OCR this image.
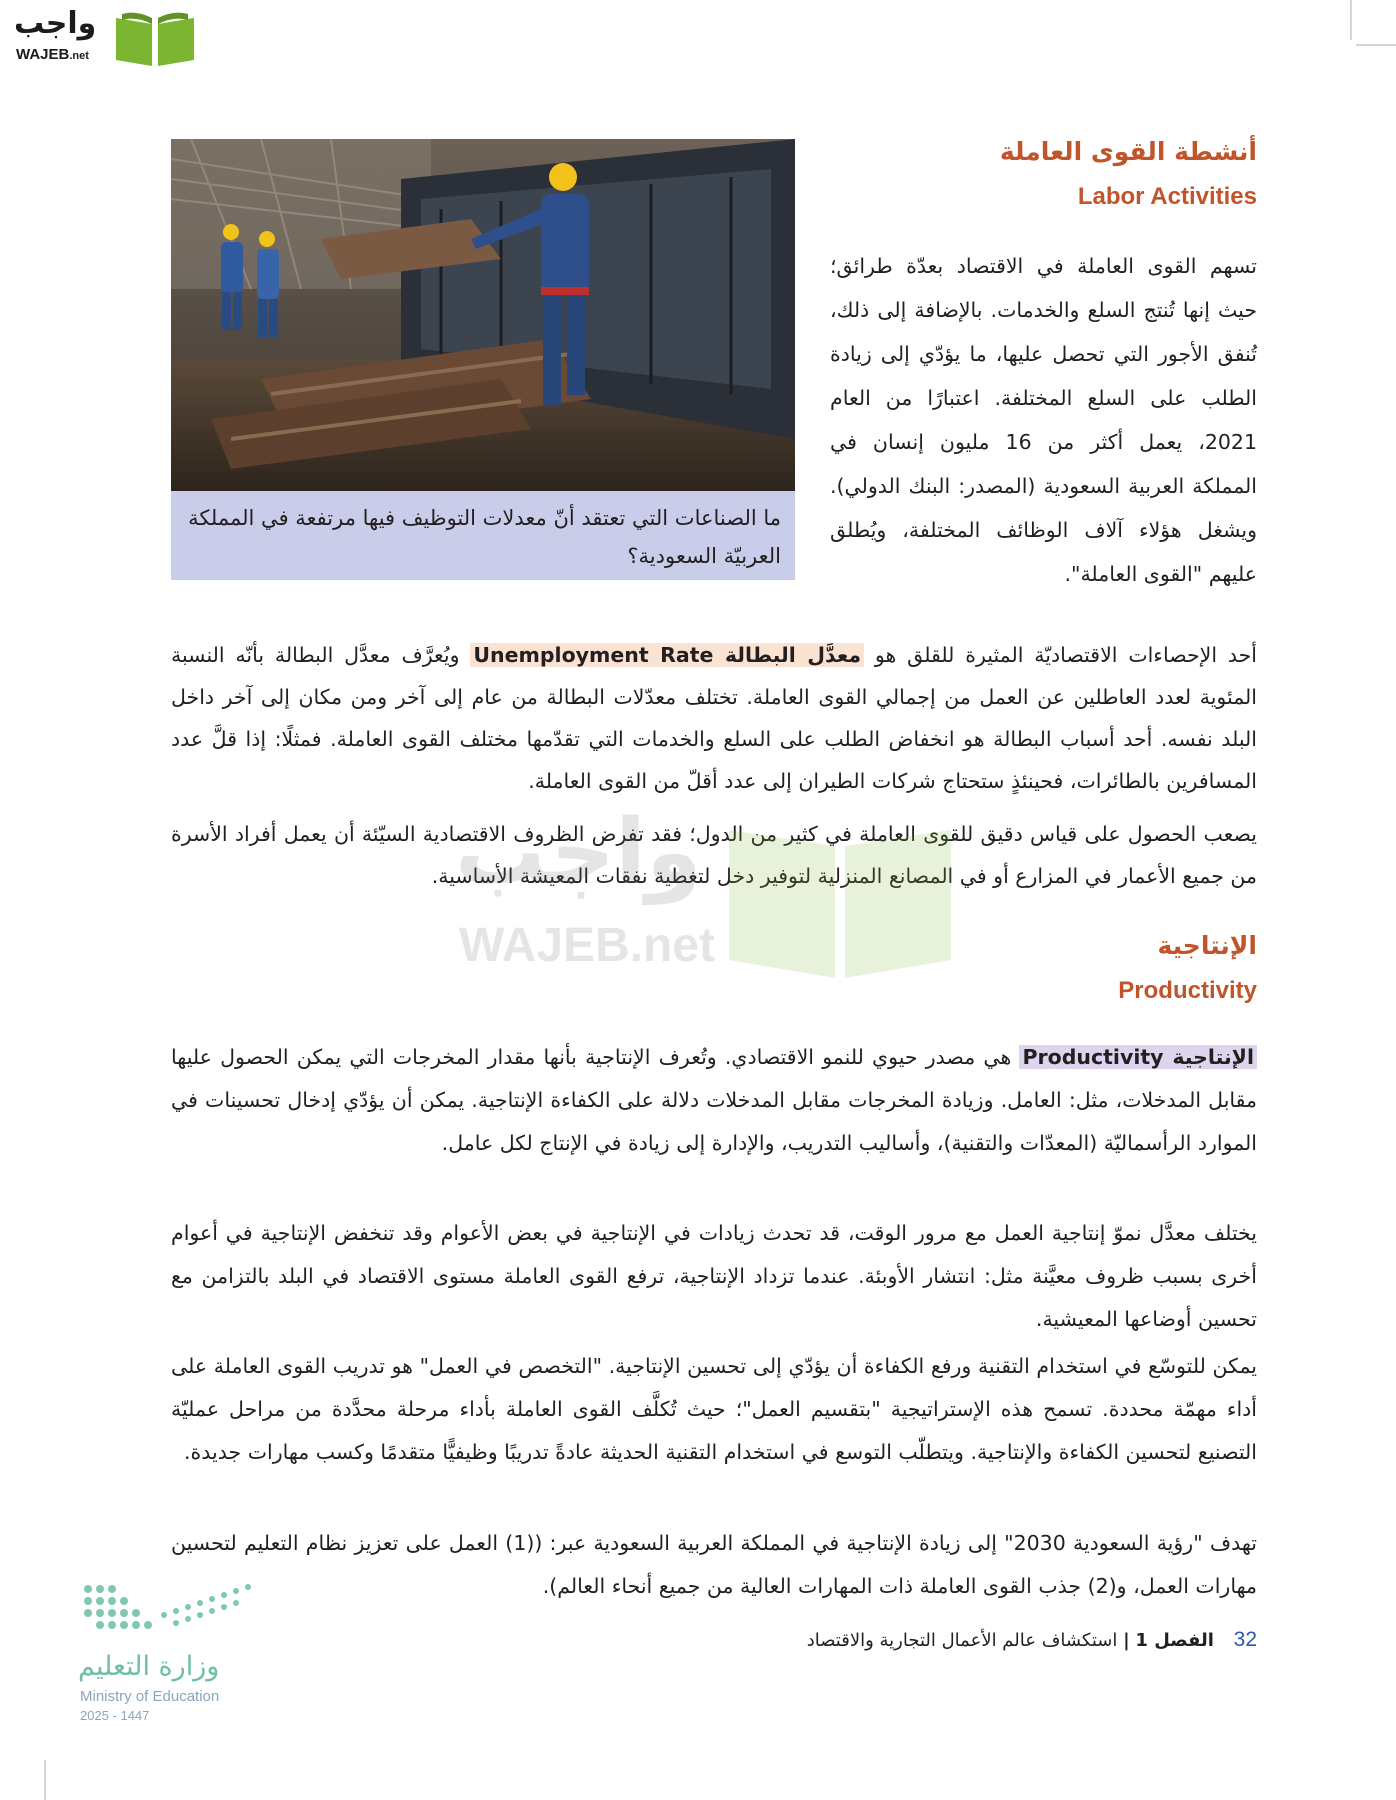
واجب
WAJEB.net
ما الصناعات التي تعتقد أنّ معدلات التوظيف فيها مرتفعة في المملكة العربيّة السعودية؟
أنشطة القوى العاملة
Labor Activities
تسهم القوى العاملة في الاقتصاد بعدّة طرائق؛ حيث إنها تُنتج السلع والخدمات. بالإضافة إلى ذلك، تُنفق الأجور التي تحصل عليها، ما يؤدّي إلى زيادة الطلب على السلع المختلفة. اعتبارًا من العام 2021، يعمل أكثر من 16 مليون إنسان في المملكة العربية السعودية (المصدر: البنك الدولي). ويشغل هؤلاء آلاف الوظائف المختلفة، ويُطلق عليهم "القوى العاملة".
أحد الإحصاءات الاقتصاديّة المثيرة للقلق هو معدَّل البطالة Unemployment Rate ويُعرَّف معدَّل البطالة بأنّه النسبة المئوية لعدد العاطلين عن العمل من إجمالي القوى العاملة. تختلف معدّلات البطالة من عام إلى آخر ومن مكان إلى آخر داخل البلد نفسه. أحد أسباب البطالة هو انخفاض الطلب على السلع والخدمات التي تقدّمها مختلف القوى العاملة. فمثلًا: إذا قلَّ عدد المسافرين بالطائرات، فحينئذٍ ستحتاج شركات الطيران إلى عدد أقلّ من القوى العاملة.
يصعب الحصول على قياس دقيق للقوى العاملة في كثير من الدول؛ فقد تفرض الظروف الاقتصادية السيّئة أن يعمل أفراد الأسرة من جميع الأعمار في المزارع أو في المصانع المنزلية لتوفير دخل لتغطية نفقات المعيشة الأساسية.
واجب
WAJEB.net	الإنتاجية
Productivity
الإنتاجية Productivity هي مصدر حيوي للنمو الاقتصادي. وتُعرف الإنتاجية بأنها مقدار المخرجات التي يمكن الحصول عليها مقابل المدخلات، مثل: العامل. وزيادة المخرجات مقابل المدخلات دلالة على الكفاءة الإنتاجية. يمكن أن يؤدّي إدخال تحسينات في الموارد الرأسماليّة (المعدّات والتقنية)، وأساليب التدريب، والإدارة إلى زيادة في الإنتاج لكل عامل.
يختلف معدَّل نموّ إنتاجية العمل مع مرور الوقت، قد تحدث زيادات في الإنتاجية في بعض الأعوام وقد تنخفض الإنتاجية في أعوام أخرى بسبب ظروف معيَّنة مثل: انتشار الأوبئة. عندما تزداد الإنتاجية، ترفع القوى العاملة مستوى الاقتصاد في البلد بالتزامن مع تحسين أوضاعها المعيشية.
يمكن للتوسّع في استخدام التقنية ورفع الكفاءة أن يؤدّي إلى تحسين الإنتاجية. "التخصص في العمل" هو تدريب القوى العاملة على أداء مهمّة محددة. تسمح هذه الإستراتيجية "بتقسيم العمل"؛ حيث تُكلَّف القوى العاملة بأداء مرحلة محدَّدة من مراحل عمليّة التصنيع لتحسين الكفاءة والإنتاجية. ويتطلّب التوسع في استخدام التقنية الحديثة عادةً تدريبًا وظيفيًّا متقدمًا وكسب مهارات جديدة.
تهدف "رؤية السعودية 2030" إلى زيادة الإنتاجية في المملكة العربية السعودية عبر: ((1) العمل على تعزيز نظام التعليم لتحسين مهارات العمل، و(2) جذب القوى العاملة ذات المهارات العالية من جميع أنحاء العالم).
32 الفصل 1 | استكشاف عالم الأعمال التجارية والاقتصاد
وزارة التعليم
Ministry of Education
2025 - 1447
